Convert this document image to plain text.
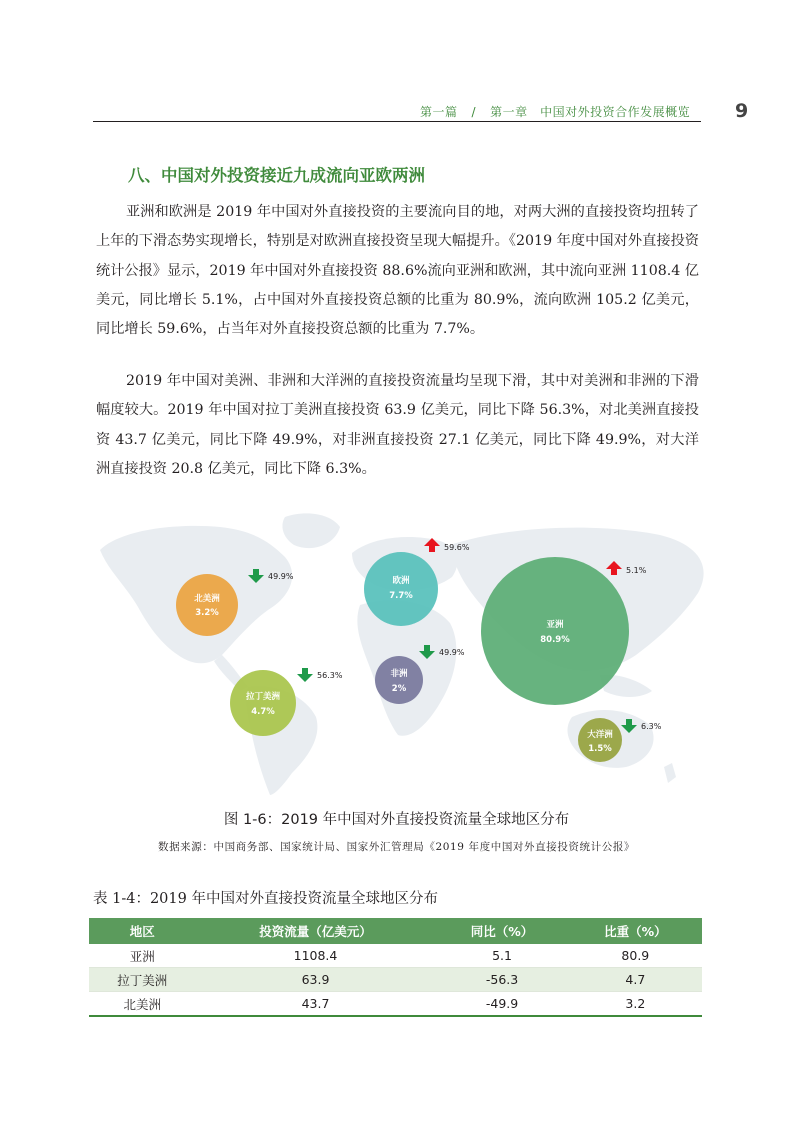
第一篇 / 第一章　中国对外投资合作发展概览 9
八、中国对外投资接近九成流向亚欧两洲

亚洲和欧洲是 2019 年中国对外直接投资的主要流向目的地，对两大洲的直接投资均扭转了上年的下滑态势实现增长，特别是对欧洲直接投资呈现大幅提升。《2019 年度中国对外直接投资统计公报》显示，2019 年中国对外直接投资 88.6%流向亚洲和欧洲，其中流向亚洲 1108.4 亿美元，同比增长 5.1%，占中国对外直接投资总额的比重为 80.9%，流向欧洲 105.2 亿美元，同比增长 59.6%，占当年对外直接投资总额的比重为 7.7%。

2019 年中国对美洲、非洲和大洋洲的直接投资流量均呈现下滑，其中对美洲和非洲的下滑幅度较大。2019 年中国对拉丁美洲直接投资 63.9 亿美元，同比下降 56.3%，对北美洲直接投资 43.7 亿美元，同比下降 49.9%，对非洲直接投资 27.1 亿美元，同比下降 49.9%，对大洋洲直接投资 20.8 亿美元，同比下降 6.3%。

北美洲
3.2%
欧洲
7.7%
亚洲
80.9%
拉丁美洲
4.7%
非洲
2%
大洋洲
1.5%
49.9%
59.6%
5.1%
56.3%
49.9%
6.3%
图 1-6：2019 年中国对外直接投资流量全球地区分布
数据来源：中国商务部、国家统计局、国家外汇管理局《2019 年度中国对外直接投资统计公报》
表 1-4：2019 年中国对外直接投资流量全球地区分布
地区	投资流量（亿美元）	同比（%）	比重（%）
亚洲	1108.4	5.1	80.9
拉丁美洲	63.9	-56.3	4.7
北美洲	43.7	-49.9	3.2
